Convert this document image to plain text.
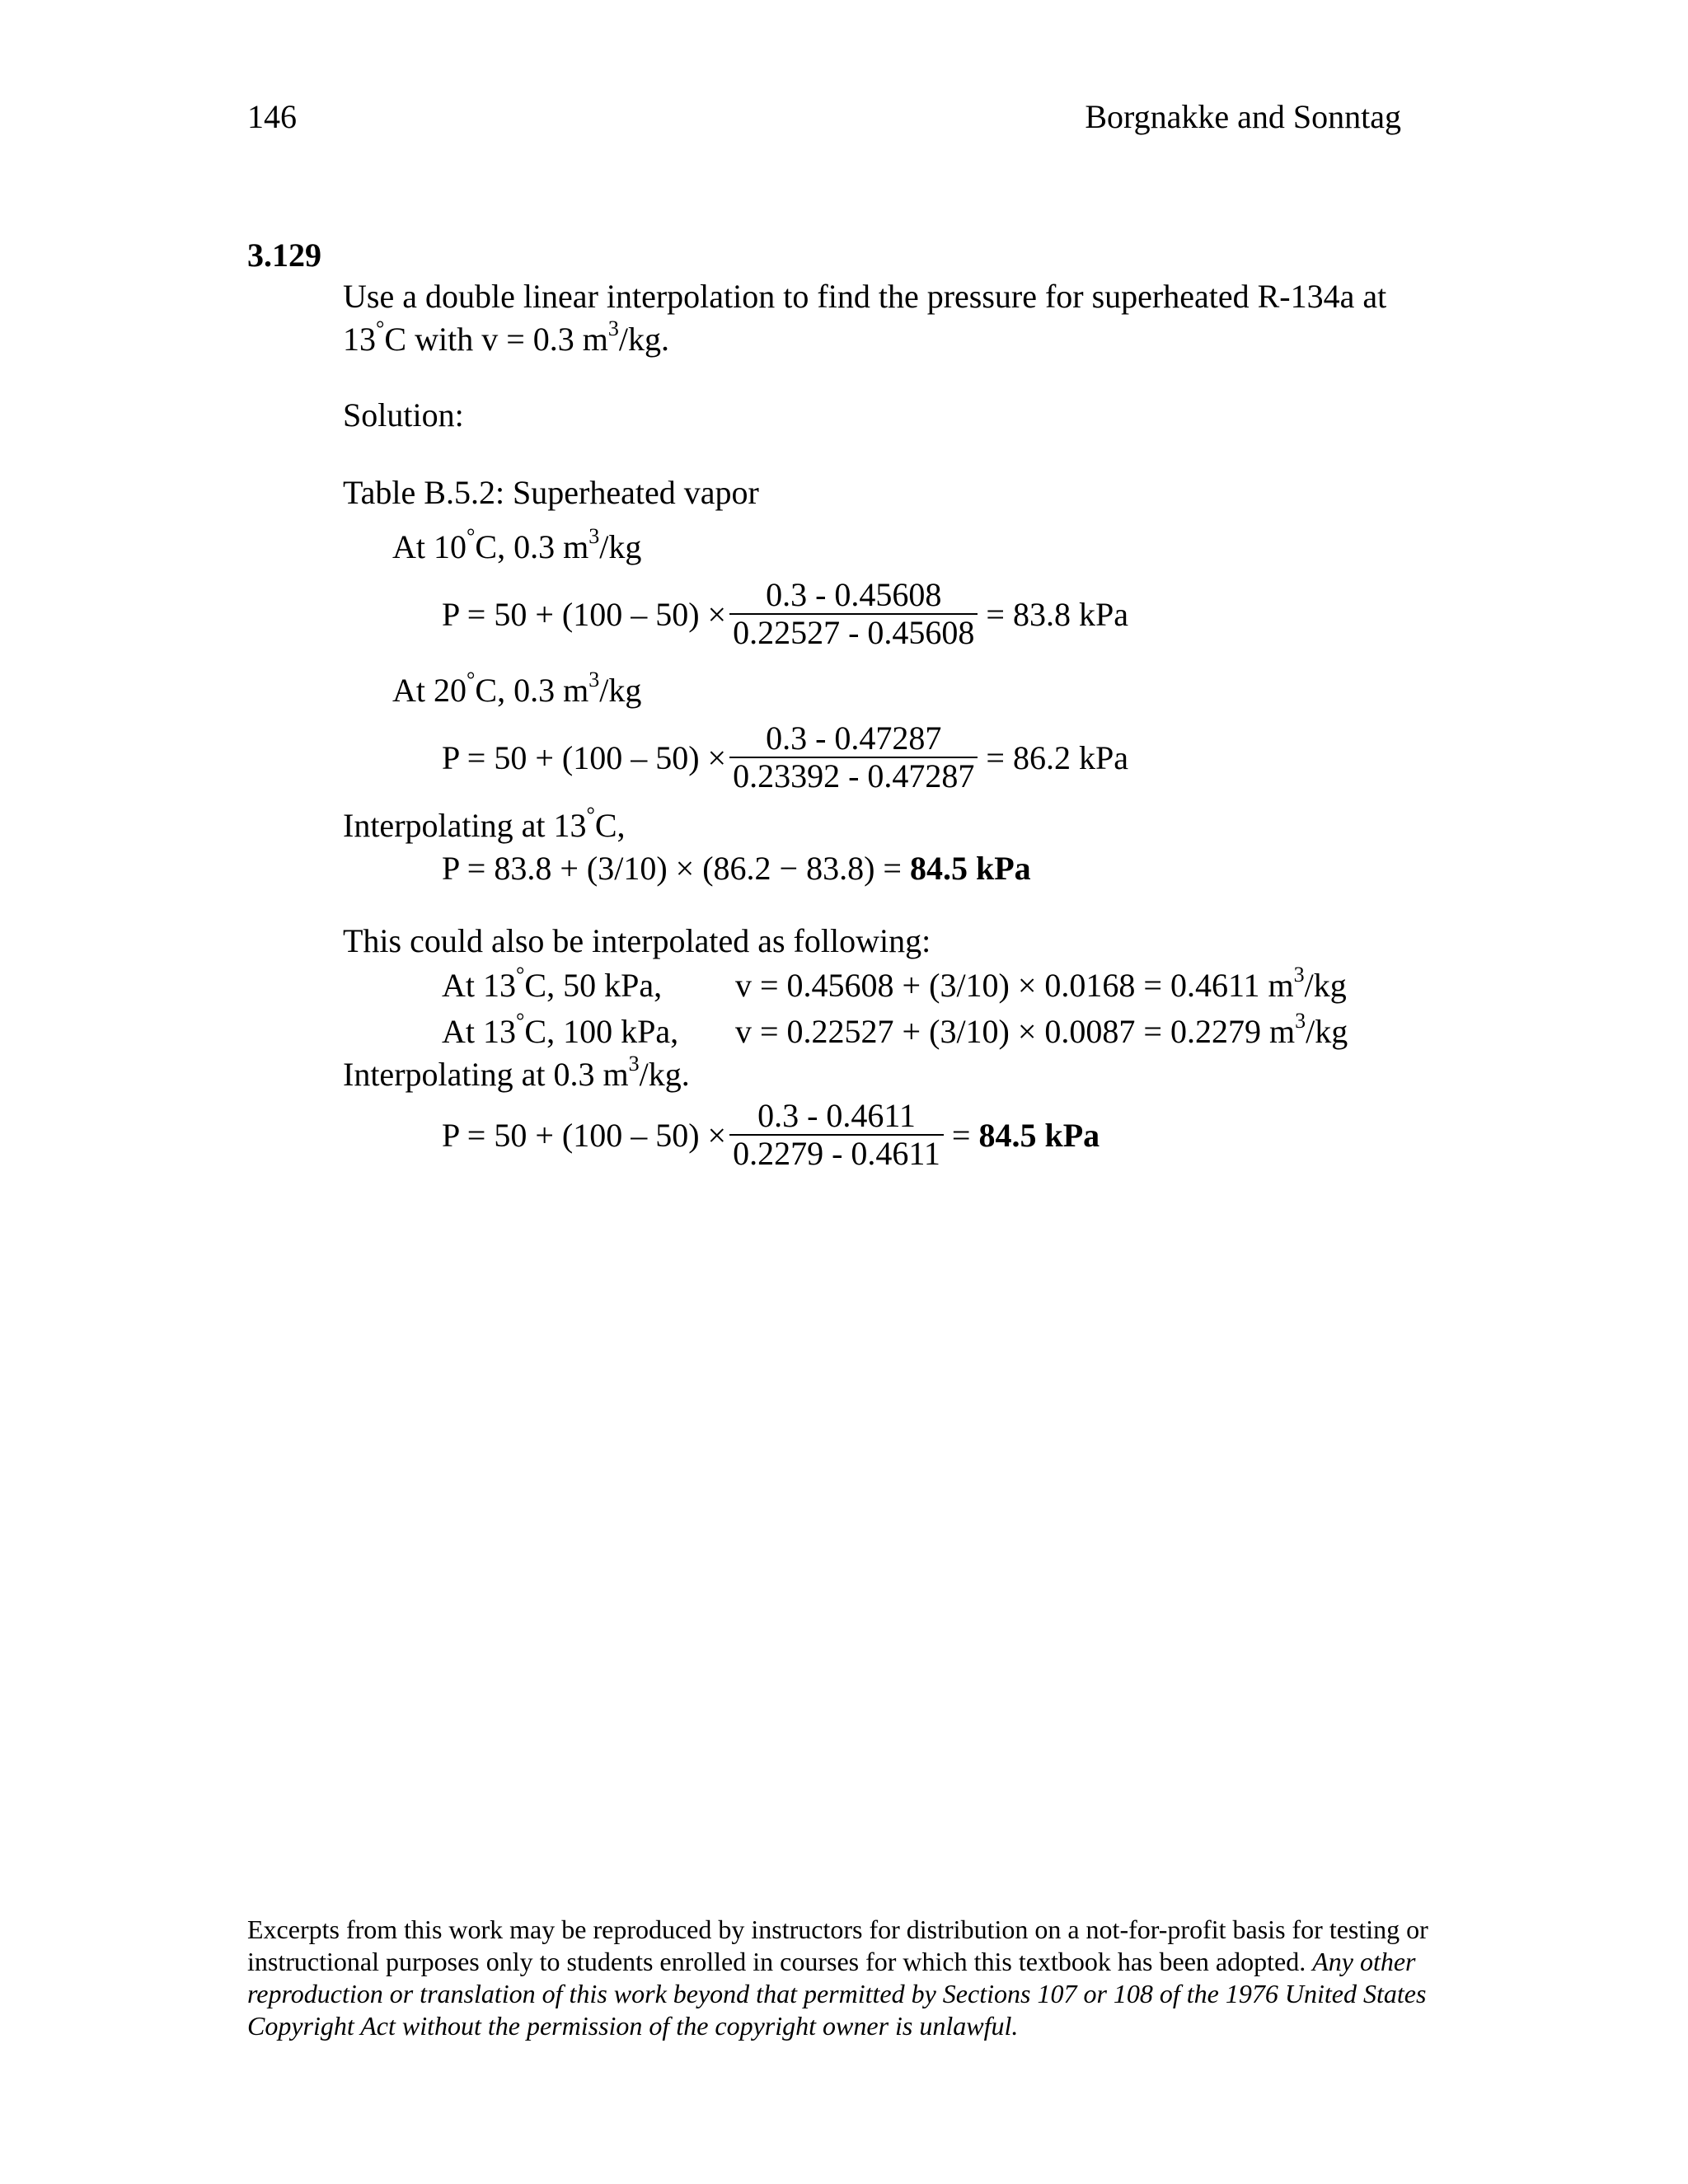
146	Borgnakke and Sonntag
3.129
Use a double linear interpolation to find the pressure for superheated R-134a at
13°C with v = 0.3 $m^3/kg$.
Solution:
Table B.5.2: Superheated vapor
At 10°C, 0.3 $m^3/kg$
$P = 50 + (100 - 50) \times \frac{0.3 - 0.45608}{0.22527 - 0.45608} = 83.8$ kPa
At 20°C, 0.3 $m^3/kg$
$P = 50 + (100 - 50) \times \frac{0.3 - 0.47287}{0.23392 - 0.47287} = 86.2$ kPa
Interpolating at 13°C,
P = 83.8 + (3/10) × (86.2 − 83.8) = 84.5 kPa
This could also be interpolated as following:
At 13°C, 50 kPa, v = 0.45608 + (3/10) × 0.0168 = 0.4611 $m^3/kg$
At 13°C, 100 kPa, v = 0.22527 + (3/10) × 0.0087 = 0.2279 $m^3/kg$
Interpolating at 0.3 $m^3/kg$.
$P = 50 + (100 - 50) \times \frac{0.3 - 0.4611}{0.2279 - 0.4611} = 84.5$ kPa
Excerpts from this work may be reproduced by instructors for distribution on a not-for-profit basis for testing or instructional purposes only to students enrolled in courses for which this textbook has been adopted. Any other reproduction or translation of this work beyond that permitted by Sections 107 or 108 of the 1976 United States Copyright Act without the permission of the copyright owner is unlawful.
